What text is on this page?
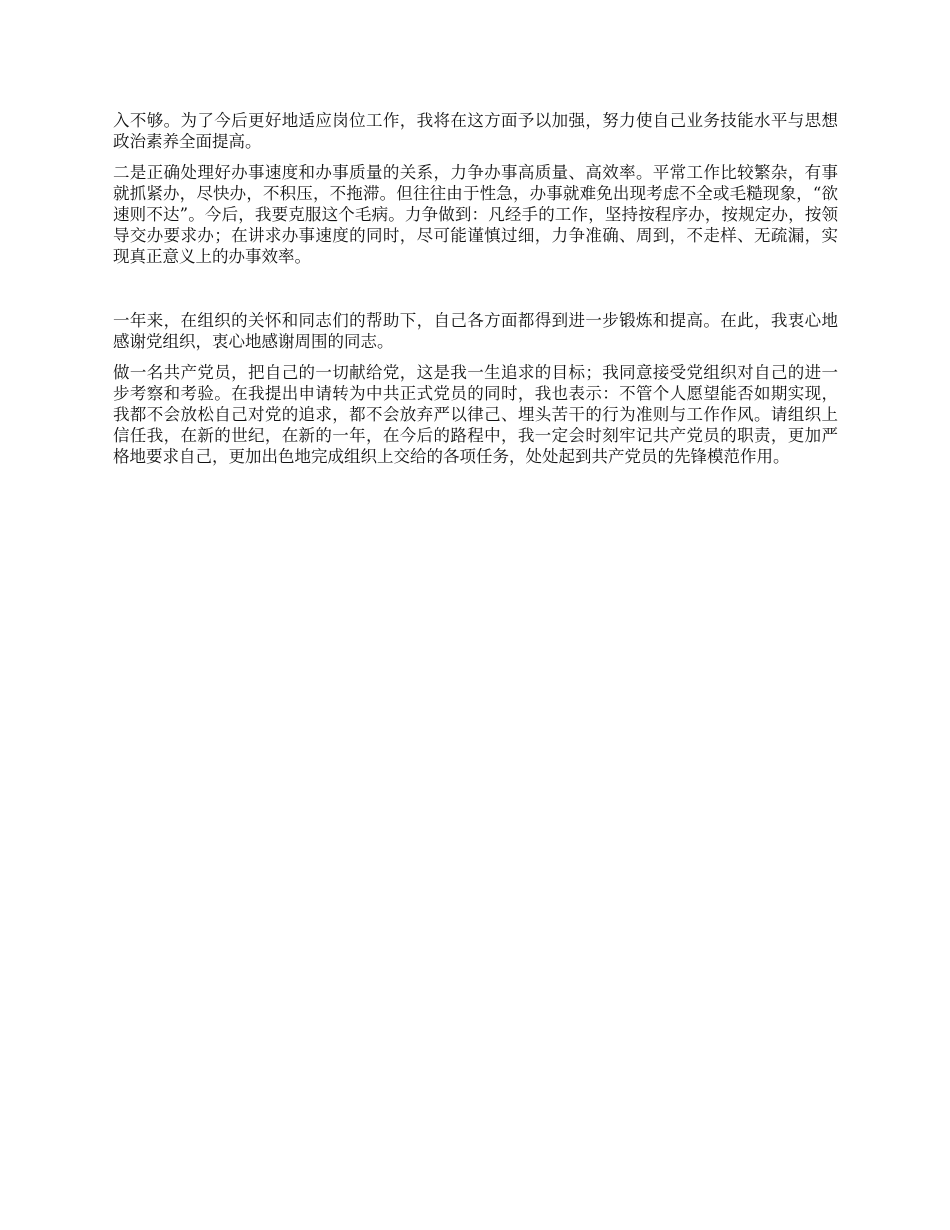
入不够。为了今后更好地适应岗位工作，我将在这方面予以加强，努力使自己业务技能水平与思想政治素养全面提高。

二是正确处理好办事速度和办事质量的关系，力争办事高质量、高效率。平常工作比较繁杂，有事就抓紧办，尽快办，不积压，不拖滞。但往往由于性急，办事就难免出现考虑不全或毛糙现象，“欲速则不达”。今后，我要克服这个毛病。力争做到：凡经手的工作，坚持按程序办，按规定办，按领导交办要求办；在讲求办事速度的同时，尽可能谨慎过细，力争准确、周到，不走样、无疏漏，实现真正意义上的办事效率。

一年来，在组织的关怀和同志们的帮助下，自己各方面都得到进一步锻炼和提高。在此，我衷心地感谢党组织，衷心地感谢周围的同志。

做一名共产党员，把自己的一切献给党，这是我一生追求的目标；我同意接受党组织对自己的进一步考察和考验。在我提出申请转为中共正式党员的同时，我也表示：不管个人愿望能否如期实现，我都不会放松自己对党的追求，都不会放弃严以律己、埋头苦干的行为准则与工作作风。请组织上信任我，在新的世纪，在新的一年，在今后的路程中，我一定会时刻牢记共产党员的职责，更加严格地要求自己，更加出色地完成组织上交给的各项任务，处处起到共产党员的先锋模范作用。
